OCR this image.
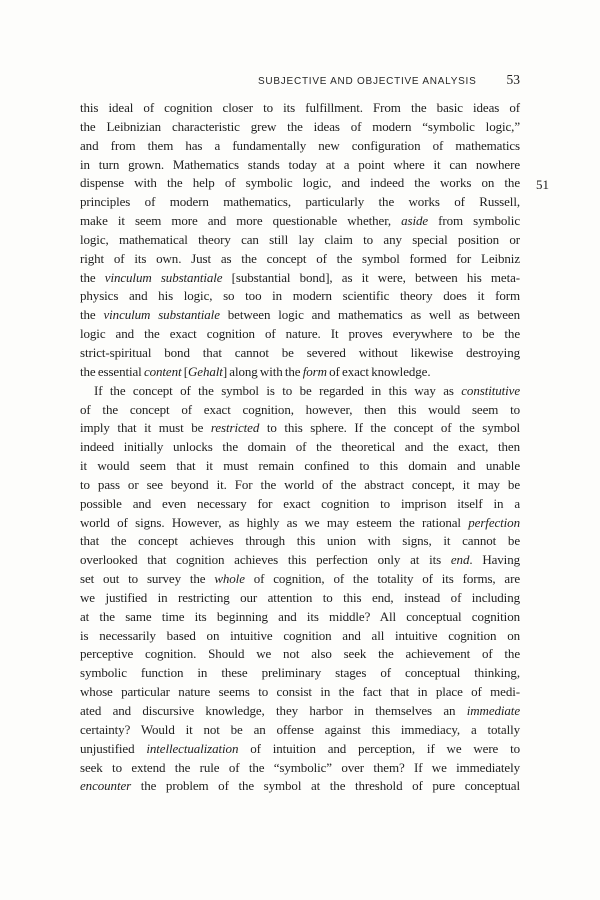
SUBJECTIVE AND OBJECTIVE ANALYSIS 53
51
this ideal of cognition closer to its fulfillment. From the basic ideas of
the Leibnizian characteristic grew the ideas of modern “symbolic logic,”
and from them has a fundamentally new configuration of mathematics
in turn grown. Mathematics stands today at a point where it can nowhere
dispense with the help of symbolic logic, and indeed the works on the
principles of modern mathematics, particularly the works of Russell,
make it seem more and more questionable whether, aside from symbolic
logic, mathematical theory can still lay claim to any special position or
right of its own. Just as the concept of the symbol formed for Leibniz
the vinculum substantiale [substantial bond], as it were, between his meta-
physics and his logic, so too in modern scientific theory does it form
the vinculum substantiale between logic and mathematics as well as between
logic and the exact cognition of nature. It proves everywhere to be the
strict-spiritual bond that cannot be severed without likewise destroying
the essential content [Gehalt] along with the form of exact knowledge.
If the concept of the symbol is to be regarded in this way as constitutive
of the concept of exact cognition, however, then this would seem to
imply that it must be restricted to this sphere. If the concept of the symbol
indeed initially unlocks the domain of the theoretical and the exact, then
it would seem that it must remain confined to this domain and unable
to pass or see beyond it. For the world of the abstract concept, it may be
possible and even necessary for exact cognition to imprison itself in a
world of signs. However, as highly as we may esteem the rational perfection
that the concept achieves through this union with signs, it cannot be
overlooked that cognition achieves this perfection only at its end. Having
set out to survey the whole of cognition, of the totality of its forms, are
we justified in restricting our attention to this end, instead of including
at the same time its beginning and its middle? All conceptual cognition
is necessarily based on intuitive cognition and all intuitive cognition on
perceptive cognition. Should we not also seek the achievement of the
symbolic function in these preliminary stages of conceptual thinking,
whose particular nature seems to consist in the fact that in place of medi-
ated and discursive knowledge, they harbor in themselves an immediate
certainty? Would it not be an offense against this immediacy, a totally
unjustified intellectualization of intuition and perception, if we were to
seek to extend the rule of the “symbolic” over them? If we immediately
encounter the problem of the symbol at the threshold of pure conceptual
